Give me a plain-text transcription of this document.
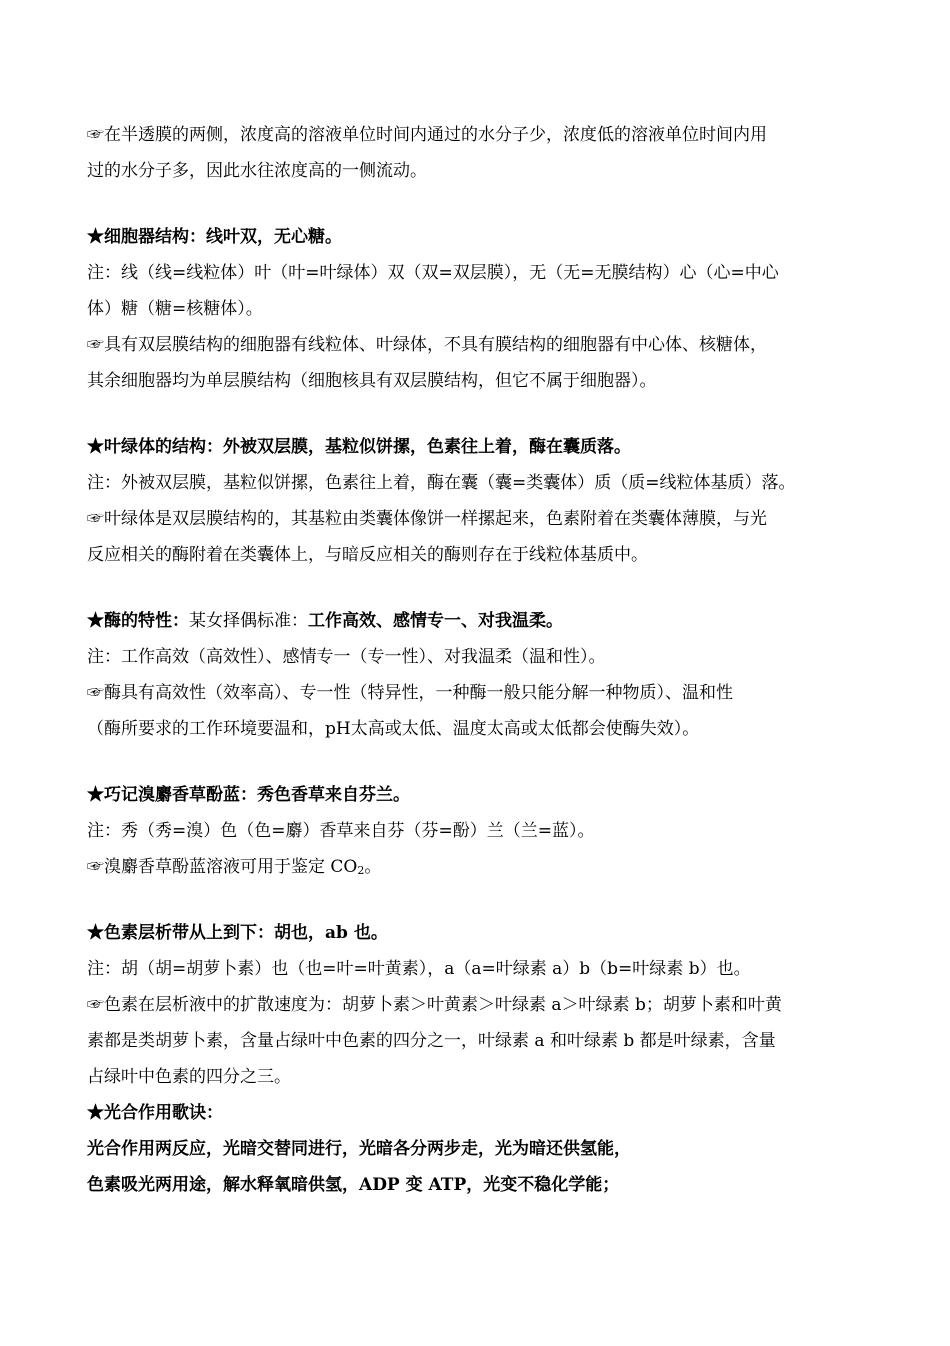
☞在半透膜的两侧，浓度高的溶液单位时间内通过的水分子少，浓度低的溶液单位时间内用
过的水分子多，因此水往浓度高的一侧流动。
★细胞器结构：线叶双，无心糖。
注：线（线=线粒体）叶（叶=叶绿体）双（双=双层膜），无（无=无膜结构）心（心=中心
体）糖（糖=核糖体）。
☞具有双层膜结构的细胞器有线粒体、叶绿体，不具有膜结构的细胞器有中心体、核糖体，
其余细胞器均为单层膜结构（细胞核具有双层膜结构，但它不属于细胞器）。
★叶绿体的结构：外被双层膜，基粒似饼摞，色素往上着，酶在囊质落。
注：外被双层膜，基粒似饼摞，色素往上着，酶在囊（囊=类囊体）质（质=线粒体基质）落。
☞叶绿体是双层膜结构的，其基粒由类囊体像饼一样摞起来，色素附着在类囊体薄膜，与光
反应相关的酶附着在类囊体上，与暗反应相关的酶则存在于线粒体基质中。
★酶的特性：某女择偶标准：工作高效、感情专一、对我温柔。
注：工作高效（高效性）、感情专一（专一性）、对我温柔（温和性）。
☞酶具有高效性（效率高）、专一性（特异性，一种酶一般只能分解一种物质）、温和性
（酶所要求的工作环境要温和，pH太高或太低、温度太高或太低都会使酶失效）。
★巧记溴麝香草酚蓝：秀色香草来自芬兰。
注：秀（秀=溴）色（色=麝）香草来自芬（芬=酚）兰（兰=蓝）。
☞溴麝香草酚蓝溶液可用于鉴定 CO2。
★色素层析带从上到下：胡也，ab 也。
注：胡（胡=胡萝卜素）也（也=叶=叶黄素），a（a=叶绿素 a）b（b=叶绿素 b）也。
☞色素在层析液中的扩散速度为：胡萝卜素＞叶黄素＞叶绿素 a＞叶绿素 b；胡萝卜素和叶黄
素都是类胡萝卜素，含量占绿叶中色素的四分之一，叶绿素 a 和叶绿素 b 都是叶绿素，含量
占绿叶中色素的四分之三。
★光合作用歌诀：
光合作用两反应，光暗交替同进行，光暗各分两步走，光为暗还供氢能，
色素吸光两用途，解水释氧暗供氢，ADP 变 ATP，光变不稳化学能；
